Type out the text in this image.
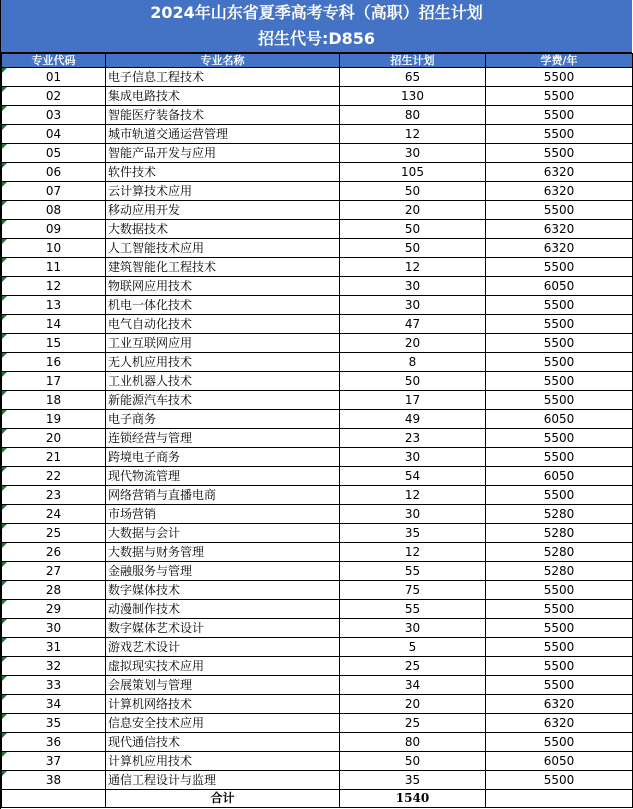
2024年山东省夏季高考专科（高职）招生计划
招生代号:D856
专业代码	专业名称	招生计划	学费/年
01	电子信息工程技术	65	5500
02	集成电路技术	130	5500
03	智能医疗装备技术	80	5500
04	城市轨道交通运营管理	12	5500
05	智能产品开发与应用	30	5500
06	软件技术	105	6320
07	云计算技术应用	50	6320
08	移动应用开发	20	5500
09	大数据技术	50	6320
10	人工智能技术应用	50	6320
11	建筑智能化工程技术	12	5500
12	物联网应用技术	30	6050
13	机电一体化技术	30	5500
14	电气自动化技术	47	5500
15	工业互联网应用	20	5500
16	无人机应用技术	8	5500
17	工业机器人技术	50	5500
18	新能源汽车技术	17	5500
19	电子商务	49	6050
20	连锁经营与管理	23	5500
21	跨境电子商务	30	5500
22	现代物流管理	54	6050
23	网络营销与直播电商	12	5500
24	市场营销	30	5280
25	大数据与会计	35	5280
26	大数据与财务管理	12	5280
27	金融服务与管理	55	5280
28	数字媒体技术	75	5500
29	动漫制作技术	55	5500
30	数字媒体艺术设计	30	5500
31	游戏艺术设计	5	5500
32	虚拟现实技术应用	25	5500
33	会展策划与管理	34	5500
34	计算机网络技术	20	6320
35	信息安全技术应用	25	6320
36	现代通信技术	80	5500
37	计算机应用技术	50	6050
38	通信工程设计与监理	35	5500
	合计	1540	
